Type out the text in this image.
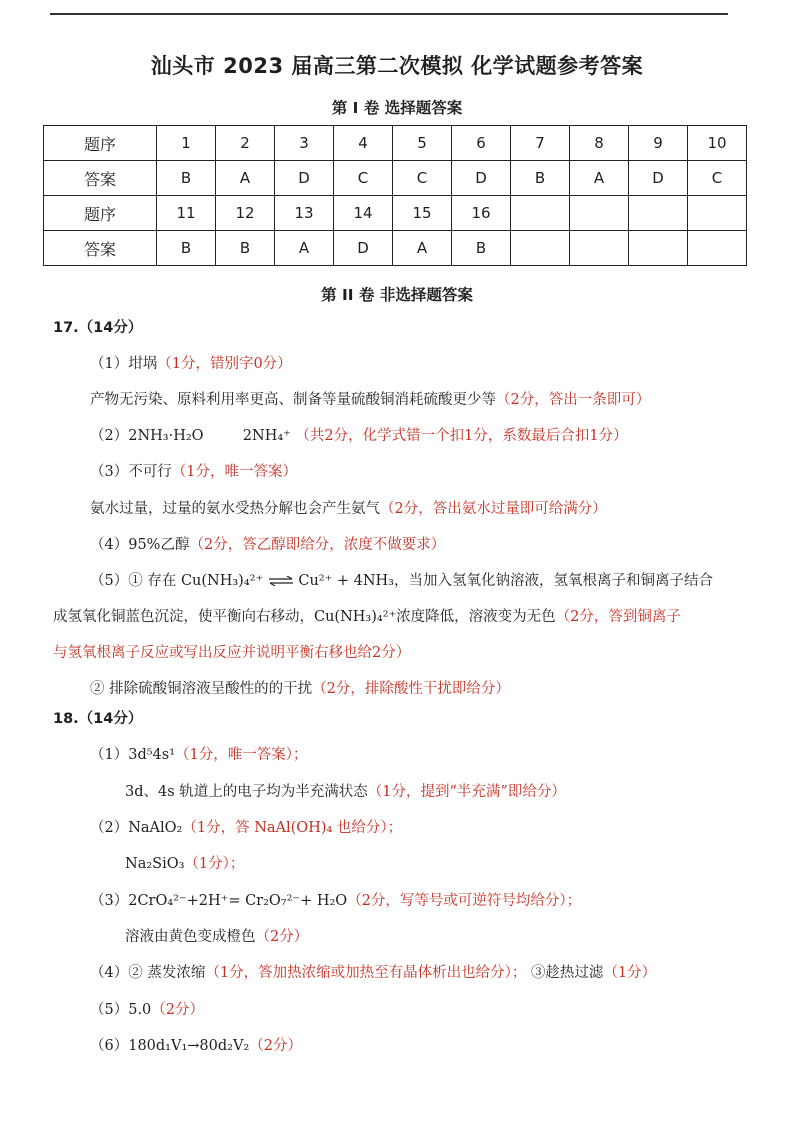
汕头市 2023 届高三第二次模拟 化学试题参考答案
第 I 卷 选择题答案
题序	1	2	3	4	5	6	7	8	9	10
答案	B	A	D	C	C	D	B	A	D	C
题序	11	12	13	14	15	16				
答案	B	B	A	D	A	B				
第 II 卷 非选择题答案
17.（14分）
（1）坩埚（1分，错别字0分）
产物无污染、原料利用率更高、制备等量硫酸铜消耗硫酸更少等（2分，答出一条即可）
（2）2NH₃·H₂O	2NH₄⁺ （共2分，化学式错一个扣1分，系数最后合扣1分）
（3）不可行（1分，唯一答案）
氨水过量，过量的氨水受热分解也会产生氨气（2分，答出氨水过量即可给满分）
（4）95%乙醇（2分，答乙醇即给分，浓度不做要求）
（5）① 存在 Cu(NH₃)₄²⁺ ⇌ Cu²⁺ + 4NH₃，当加入氢氧化钠溶液，氢氧根离子和铜离子结合
成氢氧化铜蓝色沉淀，使平衡向右移动，Cu(NH₃)₄²⁺浓度降低，溶液变为无色（2分，答到铜离子
与氢氧根离子反应或写出反应并说明平衡右移也给2分）
② 排除硫酸铜溶液呈酸性的的干扰（2分，排除酸性干扰即给分）
18.（14分）
（1）3d⁵4s¹（1分，唯一答案）；
3d、4s 轨道上的电子均为半充满状态（1分，提到“半充满”即给分）
（2）NaAlO₂（1分，答 NaAl(OH)₄ 也给分）；
Na₂SiO₃（1分）；
（3）2CrO₄²⁻+2H⁺= Cr₂O₇²⁻+ H₂O（2分，写等号或可逆符号均给分）；
溶液由黄色变成橙色（2分）
（4）② 蒸发浓缩（1分，答加热浓缩或加热至有晶体析出也给分）； ③趁热过滤（1分）
（5）5.0（2分）
（6）180d₁V₁→80d₂V₂（2分）
